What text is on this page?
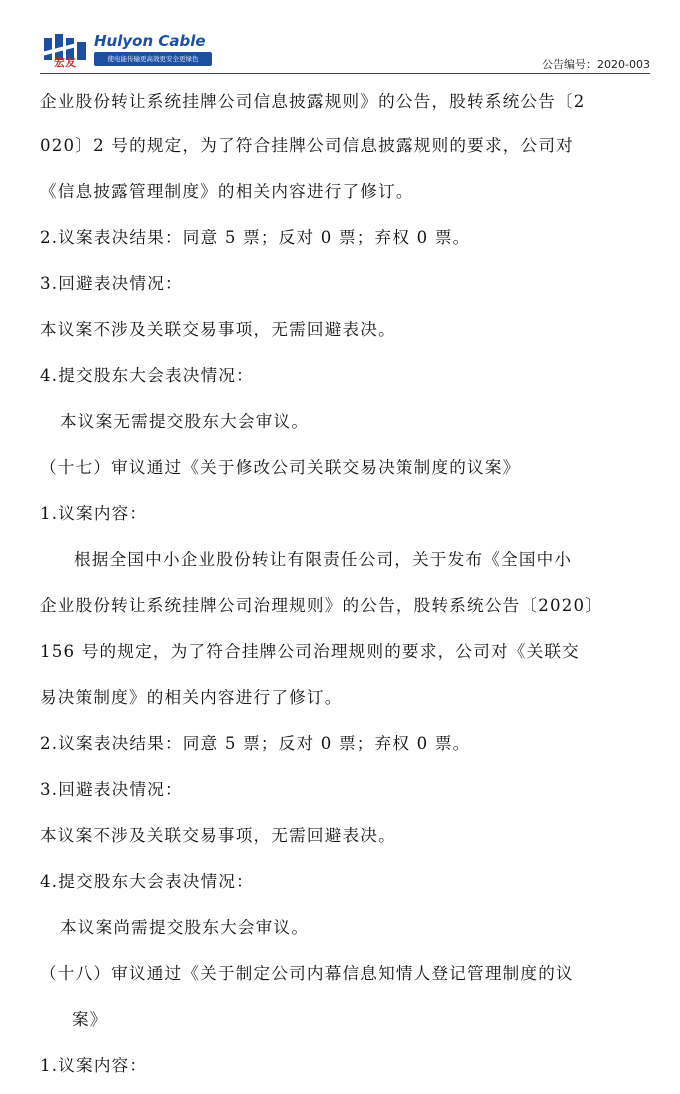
Hulyon Cable
宏友	使电能传输更高效更安全更绿色	公告编号：2020-003
企业股份转让系统挂牌公司信息披露规则》的公告，股转系统公告〔2
020〕2 号的规定，为了符合挂牌公司信息披露规则的要求，公司对
《信息披露管理制度》的相关内容进行了修订。
2.议案表决结果：同意 5 票；反对 0 票；弃权 0 票。
3.回避表决情况：
本议案不涉及关联交易事项，无需回避表决。
4.提交股东大会表决情况：
本议案无需提交股东大会审议。
（十七）审议通过《关于修改公司关联交易决策制度的议案》
1.议案内容：
根据全国中小企业股份转让有限责任公司，关于发布《全国中小
企业股份转让系统挂牌公司治理规则》的公告，股转系统公告〔2020〕
156 号的规定，为了符合挂牌公司治理规则的要求，公司对《关联交
易决策制度》的相关内容进行了修订。
2.议案表决结果：同意 5 票；反对 0 票；弃权 0 票。
3.回避表决情况：
本议案不涉及关联交易事项，无需回避表决。
4.提交股东大会表决情况：
本议案尚需提交股东大会审议。
（十八）审议通过《关于制定公司内幕信息知情人登记管理制度的议
案》
1.议案内容：
